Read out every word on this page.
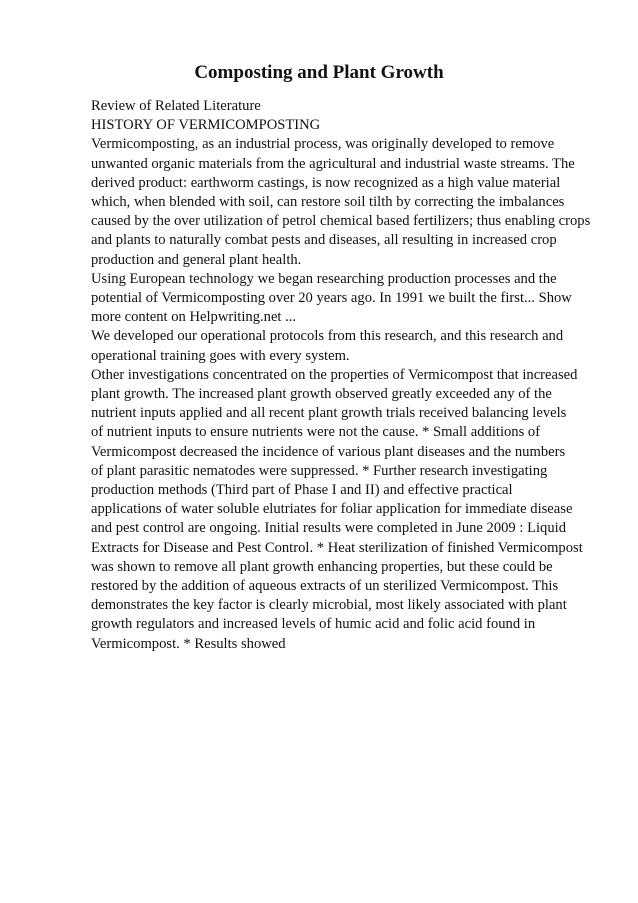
Composting and Plant Growth

Review of Related Literature

HISTORY OF VERMICOMPOSTING

Vermicomposting, as an industrial process, was originally developed to remove

unwanted organic materials from the agricultural and industrial waste streams. The

derived product: earthworm castings, is now recognized as a high value material

which, when blended with soil, can restore soil tilth by correcting the imbalances

caused by the over utilization of petrol chemical based fertilizers; thus enabling crops

and plants to naturally combat pests and diseases, all resulting in increased crop

production and general plant health.

Using European technology we began researching production processes and the

potential of Vermicomposting over 20 years ago. In 1991 we built the first... Show

more content on Helpwriting.net ...

We developed our operational protocols from this research, and this research and

operational training goes with every system.

Other investigations concentrated on the properties of Vermicompost that increased

plant growth. The increased plant growth observed greatly exceeded any of the

nutrient inputs applied and all recent plant growth trials received balancing levels

of nutrient inputs to ensure nutrients were not the cause. * Small additions of

Vermicompost decreased the incidence of various plant diseases and the numbers

of plant parasitic nematodes were suppressed. * Further research investigating

production methods (Third part of Phase I and II) and effective practical

applications of water soluble elutriates for foliar application for immediate disease

and pest control are ongoing. Initial results were completed in June 2009 : Liquid

Extracts for Disease and Pest Control. * Heat sterilization of finished Vermicompost

was shown to remove all plant growth enhancing properties, but these could be

restored by the addition of aqueous extracts of un sterilized Vermicompost. This

demonstrates the key factor is clearly microbial, most likely associated with plant

growth regulators and increased levels of humic acid and folic acid found in

Vermicompost. * Results showed
